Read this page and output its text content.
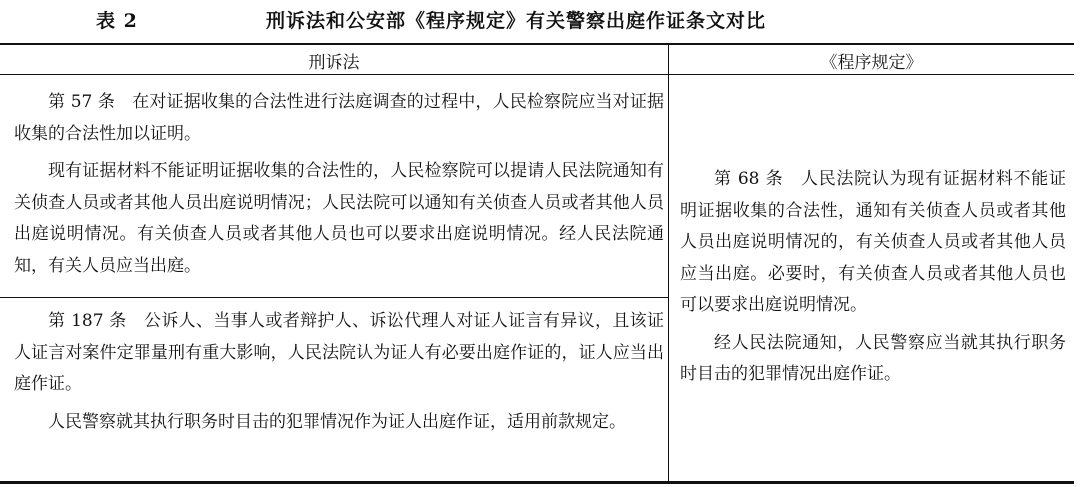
表 2	刑诉法和公安部《程序规定》有关警察出庭作证条文对比
刑诉法	《程序规定》

第 57 条　在对证据收集的合法性进行法庭调查的过程中，人民检察院应当对证据收集的合法性加以证明。

现有证据材料不能证明证据收集的合法性的，人民检察院可以提请人民法院通知有关侦查人员或者其他人员出庭说明情况；人民法院可以通知有关侦查人员或者其他人员出庭说明情况。有关侦查人员或者其他人员也可以要求出庭说明情况。经人民法院通知，有关人员应当出庭。

第 187 条　公诉人、当事人或者辩护人、诉讼代理人对证人证言有异议，且该证人证言对案件定罪量刑有重大影响，人民法院认为证人有必要出庭作证的，证人应当出庭作证。

人民警察就其执行职务时目击的犯罪情况作为证人出庭作证，适用前款规定。

第 68 条　人民法院认为现有证据材料不能证明证据收集的合法性，通知有关侦查人员或者其他人员出庭说明情况的，有关侦查人员或者其他人员应当出庭。必要时，有关侦查人员或者其他人员也可以要求出庭说明情况。

经人民法院通知，人民警察应当就其执行职务时目击的犯罪情况出庭作证。
